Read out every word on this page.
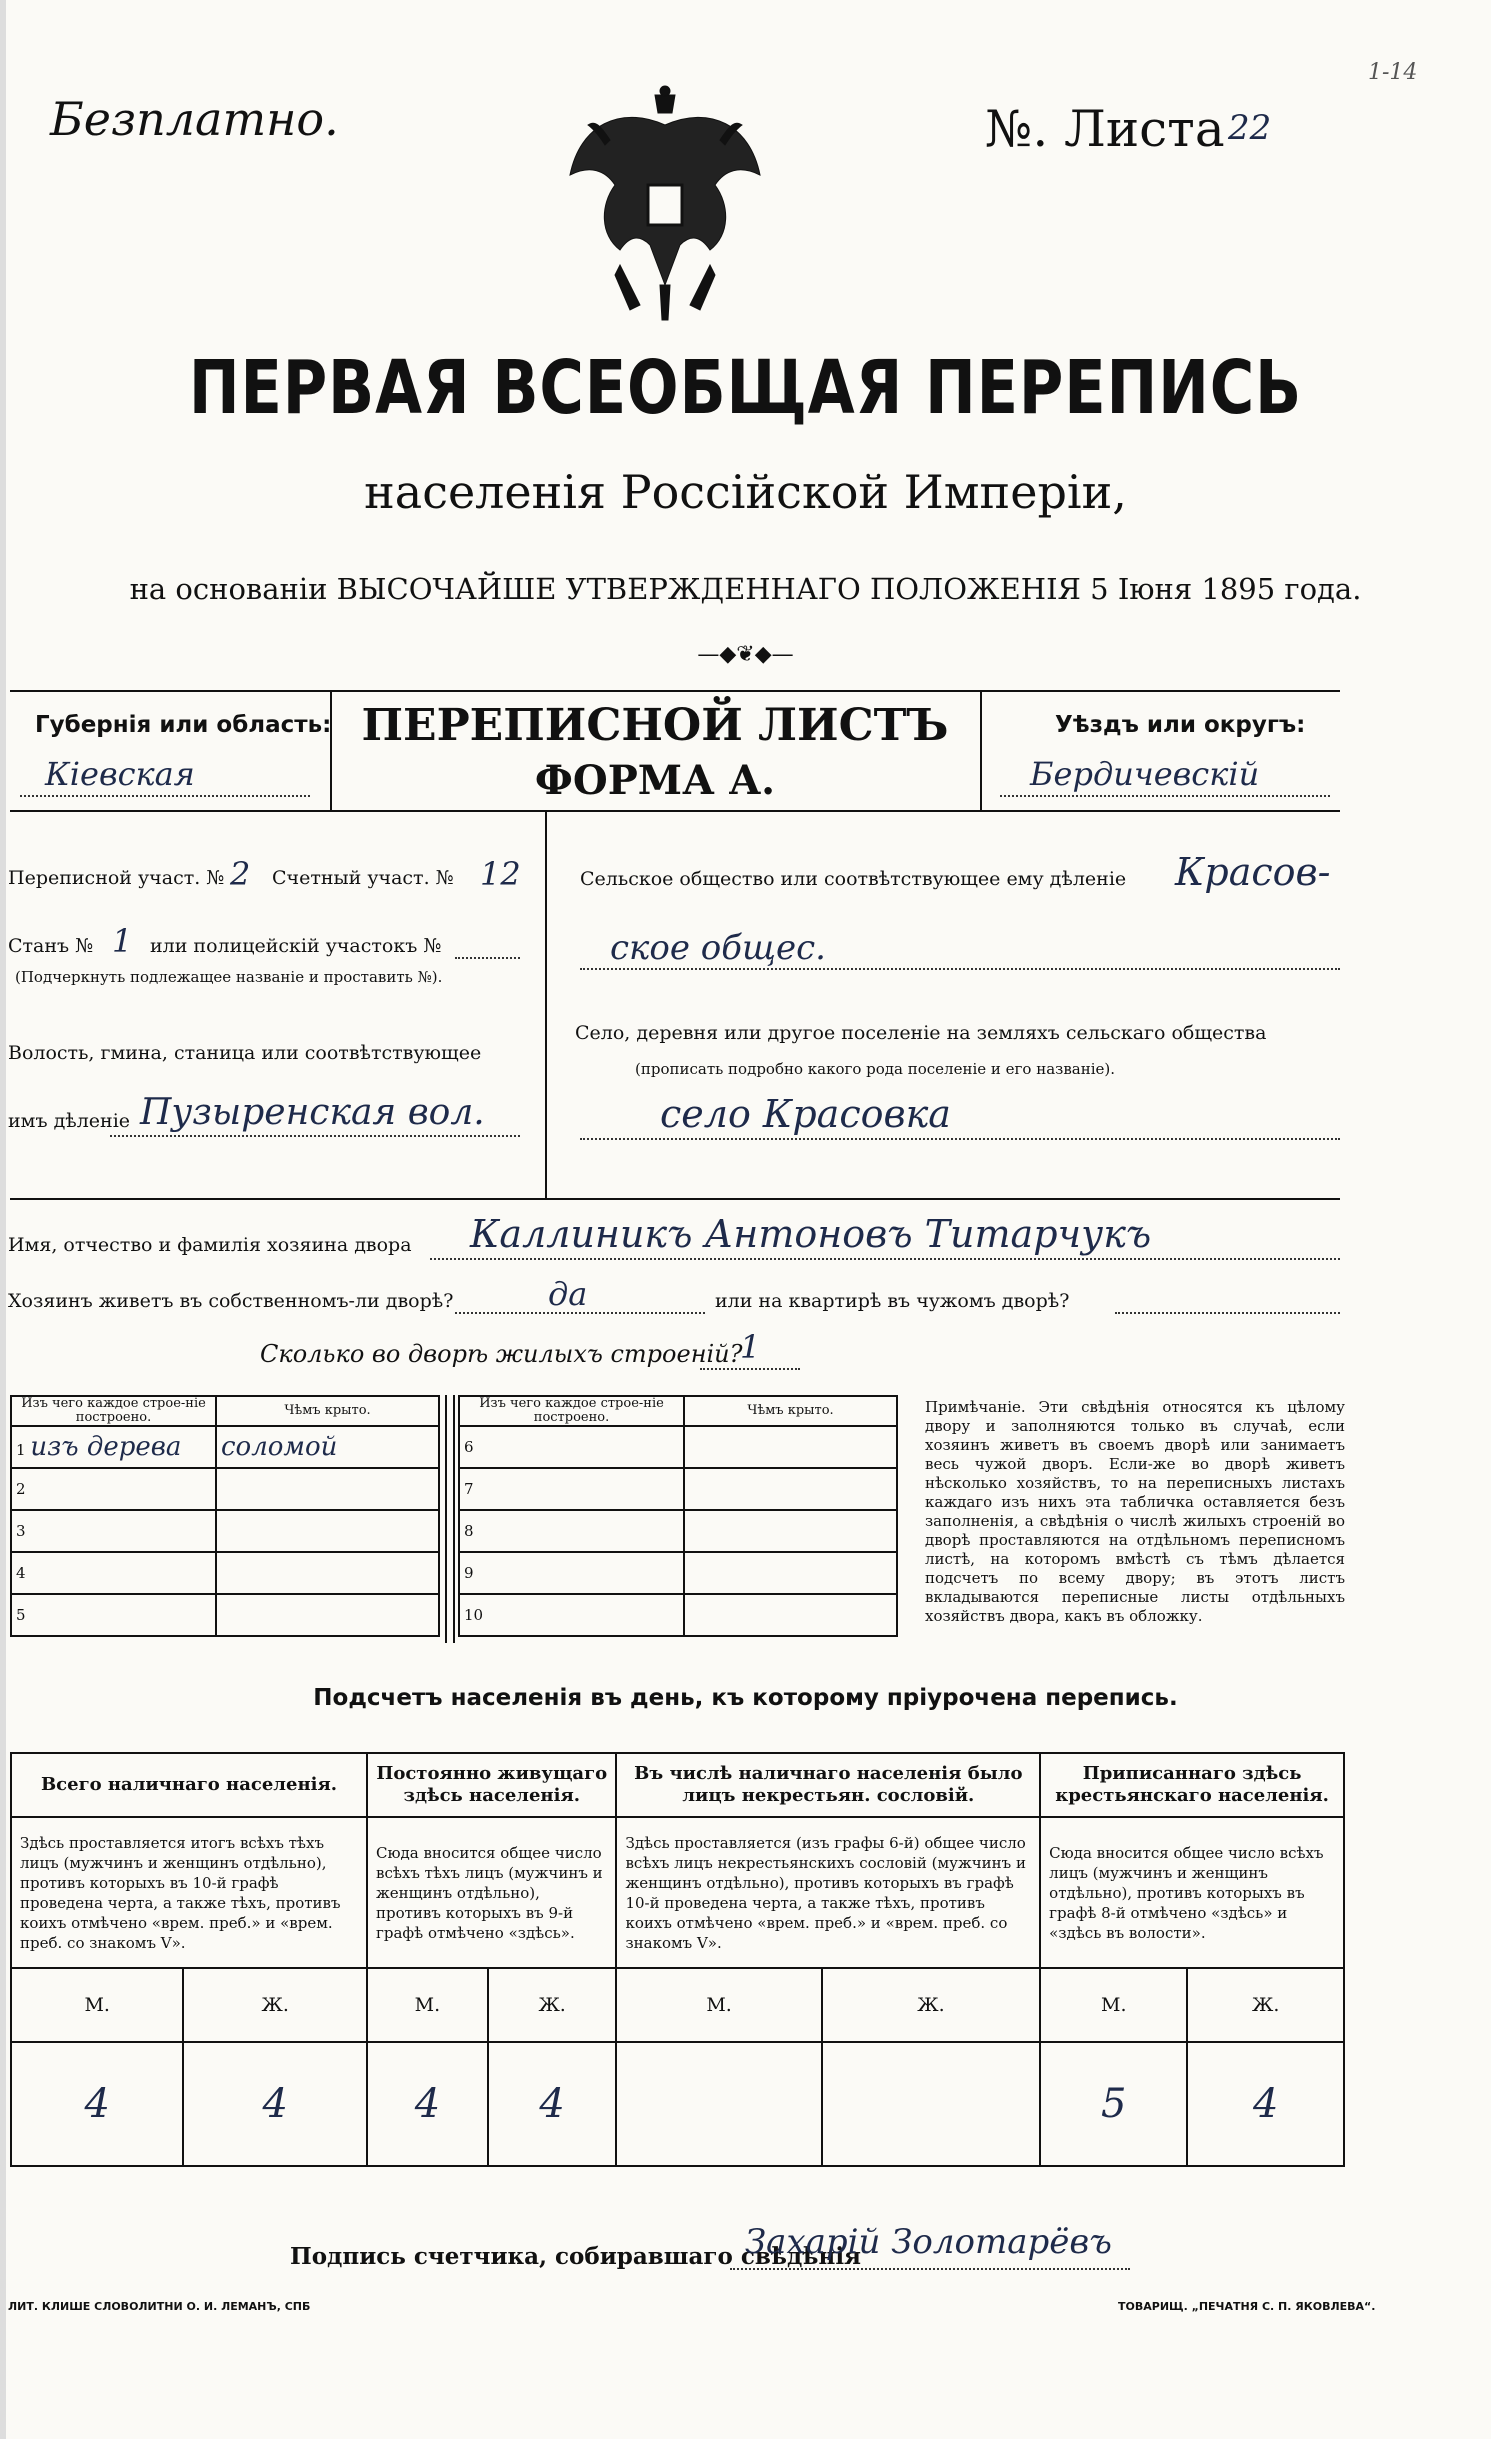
Безплатно.	№. Листа 22
1-14
ПЕРВАЯ ВСЕОБЩАЯ ПЕРЕПИСЬ
населенія Россійской Имперіи,
на основаніи ВЫСОЧАЙШЕ УТВЕРЖДЕННАГО ПОЛОЖЕНІЯ 5 Іюня 1895 года.
—◆❦◆—
Губернія или область:
Кіевская
ПЕРЕПИСНОЙ ЛИСТЪ
ФОРМА А.
Уѣздъ или округъ:
Бердичевскій
Переписной участ. № 2 Счетный участ. № 12
Станъ № 1 или полицейскій участокъ №
(Подчеркнуть подлежащее названіе и проставить №).
Волость, гмина, станица или соотвѣтствующее
имъ дѣленіе Пузыренская вол.
Сельское общество или соотвѣтствующее ему дѣленіе Красов-
ское общес.
Село, деревня или другое поселеніе на земляхъ сельскаго общества
(прописать подробно какого рода поселеніе и его названіе).
село Красовка
Имя, отчество и фамилія хозяина двора Каллиникъ Антоновъ Титарчукъ
Хозяинъ живетъ въ собственномъ-ли дворѣ?	да	или на квартирѣ въ чужомъ дворѣ?
Сколько во дворѣ жилыхъ строеній?
1
Изъ чего каждое строе-ніе построено.	Чѣмъ крыто.
1 изъ дерева	соломой
2	
3	
4	
5	
Изъ чего каждое строе-ніе построено.	Чѣмъ крыто.
6	
7	
8	
9	
10	
Примѣчаніе. Эти свѣдѣнія относятся къ цѣлому двору и заполняются только въ случаѣ, если хозяинъ живетъ въ своемъ дворѣ или занимаетъ весь чужой дворъ. Если-же во дворѣ живетъ нѣсколько хозяйствъ, то на переписныхъ листахъ каждаго изъ нихъ эта табличка оставляется безъ заполненія, а свѣдѣнія о числѣ жилыхъ строеній во дворѣ проставляются на отдѣльномъ переписномъ листѣ, на которомъ вмѣстѣ съ тѣмъ дѣлается подсчетъ по всему двору; въ этотъ листъ вкладываются переписные листы отдѣльныхъ хозяйствъ двора, какъ въ обложку.
Подсчетъ населенія въ день, къ которому пріурочена перепись.
Всего наличнаго населенія.		Постоянно живущаго здѣсь населенія.		Въ числѣ наличнаго населенія было лицъ некрестьян. сословій.		Приписаннаго здѣсь крестьянскаго населенія.	
Здѣсь проставляется итогъ всѣхъ тѣхъ лицъ (мужчинъ и женщинъ отдѣльно), противъ которыхъ въ 10-й графѣ проведена черта, а также тѣхъ, противъ коихъ отмѣчено «врем. преб.» и «врем. преб. со знакомъ V».		Сюда вносится общее число всѣхъ тѣхъ лицъ (мужчинъ и женщинъ отдѣльно), противъ которыхъ въ 9-й графѣ отмѣчено «здѣсь».		Здѣсь проставляется (изъ графы 6-й) общее число всѣхъ лицъ некрестьянскихъ сословій (мужчинъ и женщинъ отдѣльно), противъ которыхъ въ графѣ 10-й проведена черта, а также тѣхъ, противъ коихъ отмѣчено «врем. преб.» и «врем. преб. со знакомъ V».		Сюда вносится общее число всѣхъ лицъ (мужчинъ и женщинъ отдѣльно), противъ которыхъ въ графѣ 8-й отмѣчено «здѣсь» и «здѣсь въ волости».	
М.	Ж.	М.	Ж.	М.	Ж.	М.	Ж.
4	4	4	4			5	4
Подпись счетчика, собиравшаго свѣдѣнія
Захарій Золотарёвъ
ЛИТ. КЛИШЕ СЛОВОЛИТНИ О. И. ЛЕМАНЪ, СПБ	ТОВАРИЩ. „ПЕЧАТНЯ С. П. ЯКОВЛЕВА“.
